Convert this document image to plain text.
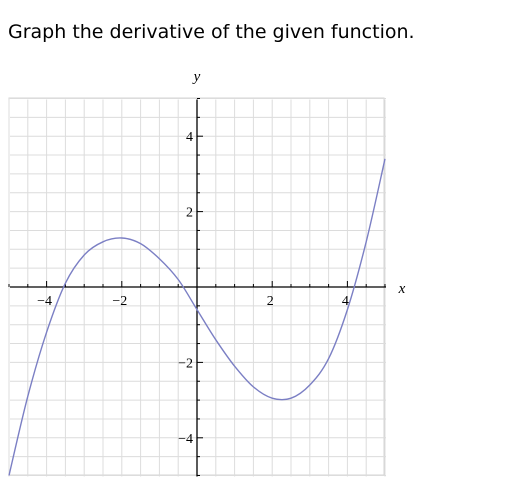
Graph the derivative of the given function.
y
x
−4	−2	2	4
−4
−2
2
4
